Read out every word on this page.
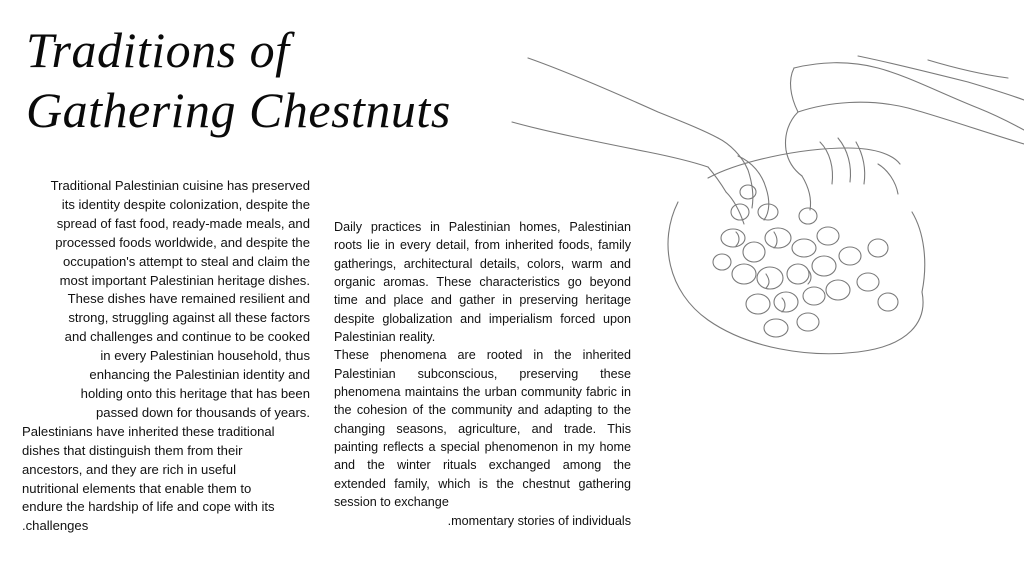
Traditions of
Gathering Chestnuts
Traditional Palestinian cuisine has preserved
its identity despite colonization, despite the
spread of fast food, ready-made meals, and
processed foods worldwide, and despite the
occupation's attempt to steal and claim the
most important Palestinian heritage dishes.
These dishes have remained resilient and
strong, struggling against all these factors
and challenges and continue to be cooked
in every Palestinian household, thus
enhancing the Palestinian identity and
holding onto this heritage that has been
passed down for thousands of years.
Palestinians have inherited these traditional
dishes that distinguish them from their
ancestors, and they are rich in useful
nutritional elements that enable them to
endure the hardship of life and cope with its
.challenges

Daily practices in Palestinian homes, Palestinian roots lie in every detail, from inherited foods, family gatherings, architectural details, colors, warm and organic aromas. These characteristics go beyond time and place and gather in preserving heritage despite globalization and imperialism forced upon Palestinian reality.

These phenomena are rooted in the inherited Palestinian subconscious, preserving these phenomena maintains the urban community fabric in the cohesion of the community and adapting to the changing seasons, agriculture, and trade. This painting reflects a special phenomenon in my home and the winter rituals exchanged among the extended family, which is the chestnut gathering session to exchange

.momentary stories of individuals
